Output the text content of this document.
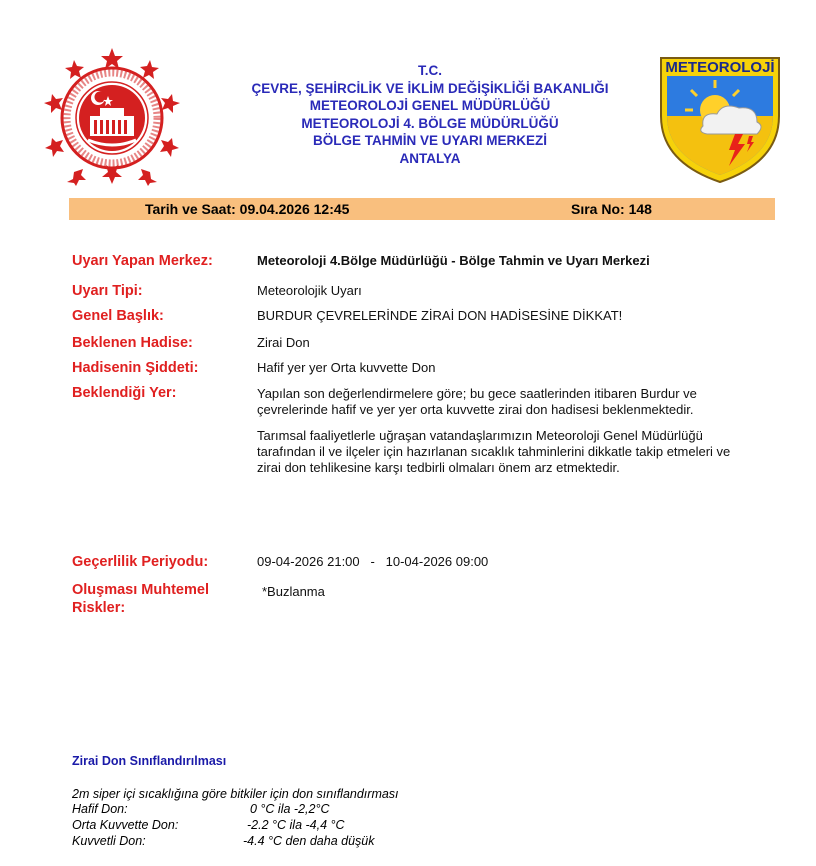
T.C.
ÇEVRE, ŞEHİRCİLİK VE İKLİM DEĞİŞİKLİĞİ BAKANLIĞI
METEOROLOJİ GENEL MÜDÜRLÜĞÜ
METEOROLOJİ 4. BÖLGE MÜDÜRLÜĞÜ
BÖLGE TAHMİN VE UYARI MERKEZİ
ANTALYA
METEOROLOJİ
Tarih ve Saat: 09.04.2026 12:45	Sıra No: 148
Uyarı Yapan Merkez:	Meteoroloji 4.Bölge Müdürlüğü - Bölge Tahmin ve Uyarı Merkezi
Uyarı Tipi:	Meteorolojik Uyarı
Genel Başlık:	BURDUR ÇEVRELERİNDE ZİRAİ DON HADİSESİNE DİKKAT!
Beklenen Hadise:	Zirai Don
Hadisenin Şiddeti:	Hafif yer yer Orta kuvvette Don
Beklendiği Yer:	Yapılan son değerlendirmelere göre; bu gece saatlerinden itibaren Burdur ve çevrelerinde hafif ve yer yer orta kuvvette zirai don hadisesi beklenmektedir.
Tarımsal faaliyetlerle uğraşan vatandaşlarımızın Meteoroloji Genel Müdürlüğü tarafından il ve ilçeler için hazırlanan sıcaklık tahminlerini dikkatle takip etmeleri ve zirai don tehlikesine karşı tedbirli olmaları önem arz etmektedir.
Geçerlilik Periyodu:	09-04-2026 21:00   -   10-04-2026 09:00
Oluşması Muhtemel
Riskler:
*Buzlanma
Zirai Don Sınıflandırılması
2m siper içi sıcaklığına göre bitkiler için don sınıflandırması
Hafif Don:	0 °C ila -2,2°C
Orta Kuvvette Don:	-2.2 °C ila -4,4 °C
Kuvvetli Don:	-4.4 °C den daha düşük
